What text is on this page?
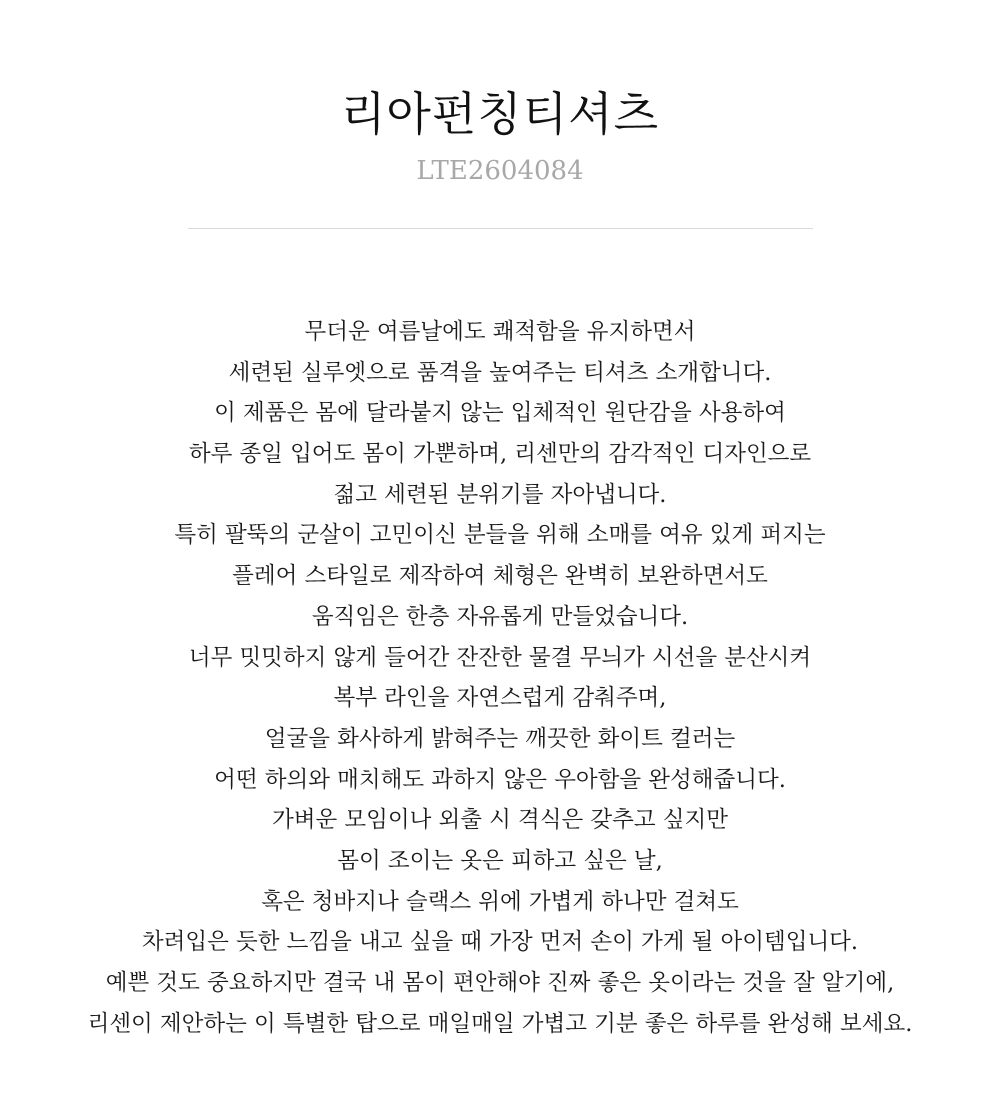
리아펀칭티셔츠
LTE2604084
무더운 여름날에도 쾌적함을 유지하면서
세련된 실루엣으로 품격을 높여주는 티셔츠 소개합니다.
이 제품은 몸에 달라붙지 않는 입체적인 원단감을 사용하여
하루 종일 입어도 몸이 가뿐하며, 리센만의 감각적인 디자인으로
젊고 세련된 분위기를 자아냅니다.
특히 팔뚝의 군살이 고민이신 분들을 위해 소매를 여유 있게 퍼지는
플레어 스타일로 제작하여 체형은 완벽히 보완하면서도
움직임은 한층 자유롭게 만들었습니다.
너무 밋밋하지 않게 들어간 잔잔한 물결 무늬가 시선을 분산시켜
복부 라인을 자연스럽게 감춰주며,
얼굴을 화사하게 밝혀주는 깨끗한 화이트 컬러는
어떤 하의와 매치해도 과하지 않은 우아함을 완성해줍니다.
가벼운 모임이나 외출 시 격식은 갖추고 싶지만
몸이 조이는 옷은 피하고 싶은 날,
혹은 청바지나 슬랙스 위에 가볍게 하나만 걸쳐도
차려입은 듯한 느낌을 내고 싶을 때 가장 먼저 손이 가게 될 아이템입니다.
예쁜 것도 중요하지만 결국 내 몸이 편안해야 진짜 좋은 옷이라는 것을 잘 알기에,
리센이 제안하는 이 특별한 탑으로 매일매일 가볍고 기분 좋은 하루를 완성해 보세요.
